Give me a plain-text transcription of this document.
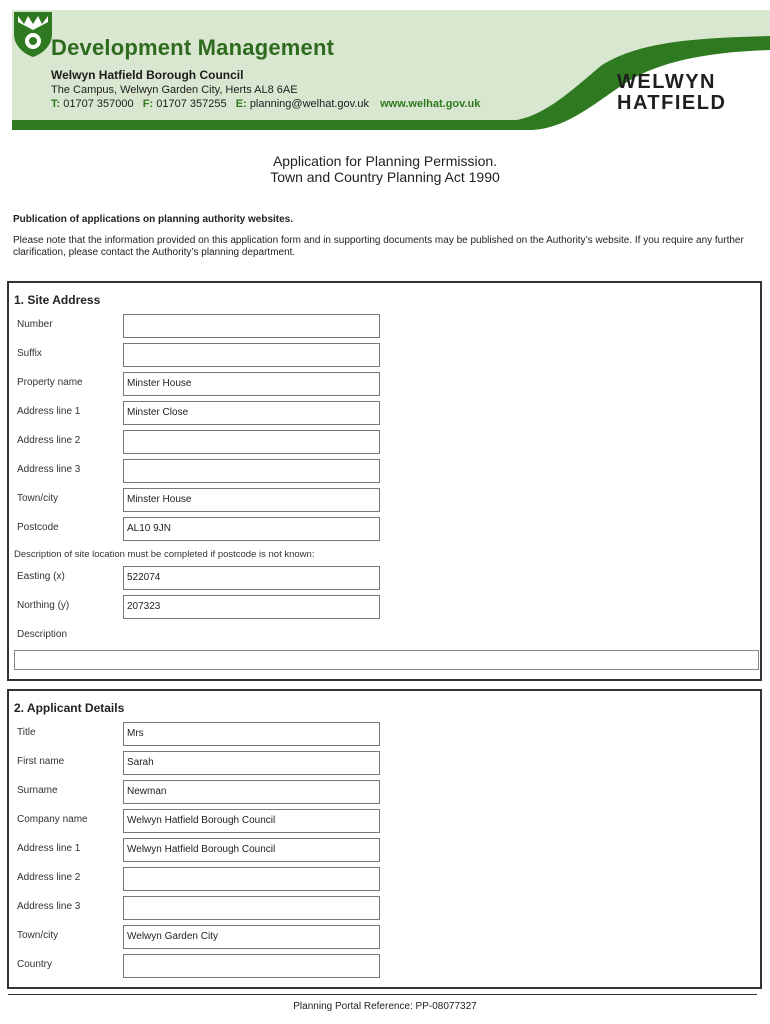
Development Management
Welwyn Hatfield Borough Council
The Campus, Welwyn Garden City, Herts AL8 6AE
T: 01707 357000 F: 01707 357255 E: planning@welhat.gov.uk www.welhat.gov.uk
WELWYN
HATFIELD
Application for Planning Permission.
Town and Country Planning Act 1990
Publication of applications on planning authority websites.
Please note that the information provided on this application form and in supporting documents may be published on the Authority’s website. If you require any further clarification, please contact the Authority’s planning department.
1. Site Address
Number
Suffix
Property name	Minster House
Address line 1	Minster Close
Address line 2
Address line 3
Town/city	Minster House
Postcode	AL10 9JN
Description of site location must be completed if postcode is not known:
Easting (x)	522074
Northing (y)	207323
Description
2. Applicant Details
Title	Mrs
First name	Sarah
Surname	Newman
Company name	Welwyn Hatfield Borough Council
Address line 1	Welwyn Hatfield Borough Council
Address line 2
Address line 3
Town/city	Welwyn Garden City
Country
Planning Portal Reference: PP-08077327
